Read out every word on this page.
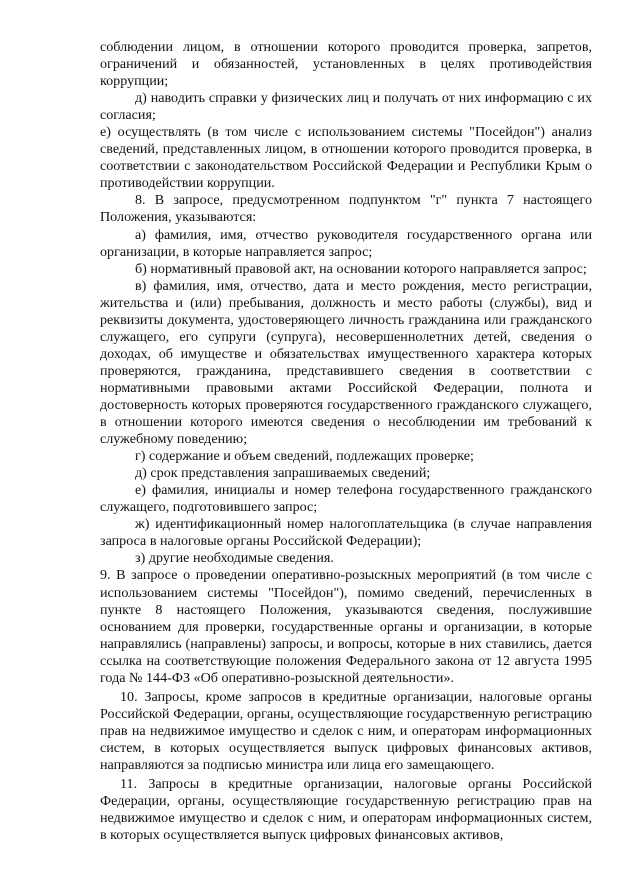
соблюдении лицом, в отношении которого проводится проверка, запретов, ограничений и обязанностей, установленных в целях противодействия коррупции;

д) наводить справки у физических лиц и получать от них информацию с их согласия;

е) осуществлять (в том числе с использованием системы "Посейдон") анализ сведений, представленных лицом, в отношении которого проводится проверка, в соответствии с законодательством Российской Федерации и Республики Крым о противодействии коррупции.

8. В запросе, предусмотренном подпунктом "г" пункта 7 настоящего Положения, указываются:

а) фамилия, имя, отчество руководителя государственного органа или организации, в которые направляется запрос;

б) нормативный правовой акт, на основании которого направляется запрос;

в) фамилия, имя, отчество, дата и место рождения, место регистрации, жительства и (или) пребывания, должность и место работы (службы), вид и реквизиты документа, удостоверяющего личность гражданина или гражданского служащего, его супруги (супруга), несовершеннолетних детей, сведения о доходах, об имуществе и обязательствах имущественного характера которых проверяются, гражданина, представившего сведения в соответствии с нормативными правовыми актами Российской Федерации, полнота и достоверность которых проверяются государственного гражданского служащего, в отношении которого имеются сведения о несоблюдении им требований к служебному поведению;

г) содержание и объем сведений, подлежащих проверке;

д) срок представления запрашиваемых сведений;

е) фамилия, инициалы и номер телефона государственного гражданского служащего, подготовившего запрос;

ж) идентификационный номер налогоплательщика (в случае направления запроса в налоговые органы Российской Федерации);

з) другие необходимые сведения.

9. В запросе о проведении оперативно-розыскных мероприятий (в том числе с использованием системы "Посейдон"), помимо сведений, перечисленных в пункте 8 настоящего Положения, указываются сведения, послужившие основанием для проверки, государственные органы и организации, в которые направлялись (направлены) запросы, и вопросы, которые в них ставились, дается ссылка на соответствующие положения Федерального закона от 12 августа 1995 года № 144-ФЗ «Об оперативно-розыскной деятельности».

10. Запросы, кроме запросов в кредитные организации, налоговые органы Российской Федерации, органы, осуществляющие государственную регистрацию прав на недвижимое имущество и сделок с ним, и операторам информационных систем, в которых осуществляется выпуск цифровых финансовых активов, направляются за подписью министра или лица его замещающего.

11. Запросы в кредитные организации, налоговые органы Российской Федерации, органы, осуществляющие государственную регистрацию прав на недвижимое имущество и сделок с ним, и операторам информационных систем, в которых осуществляется выпуск цифровых финансовых активов,
